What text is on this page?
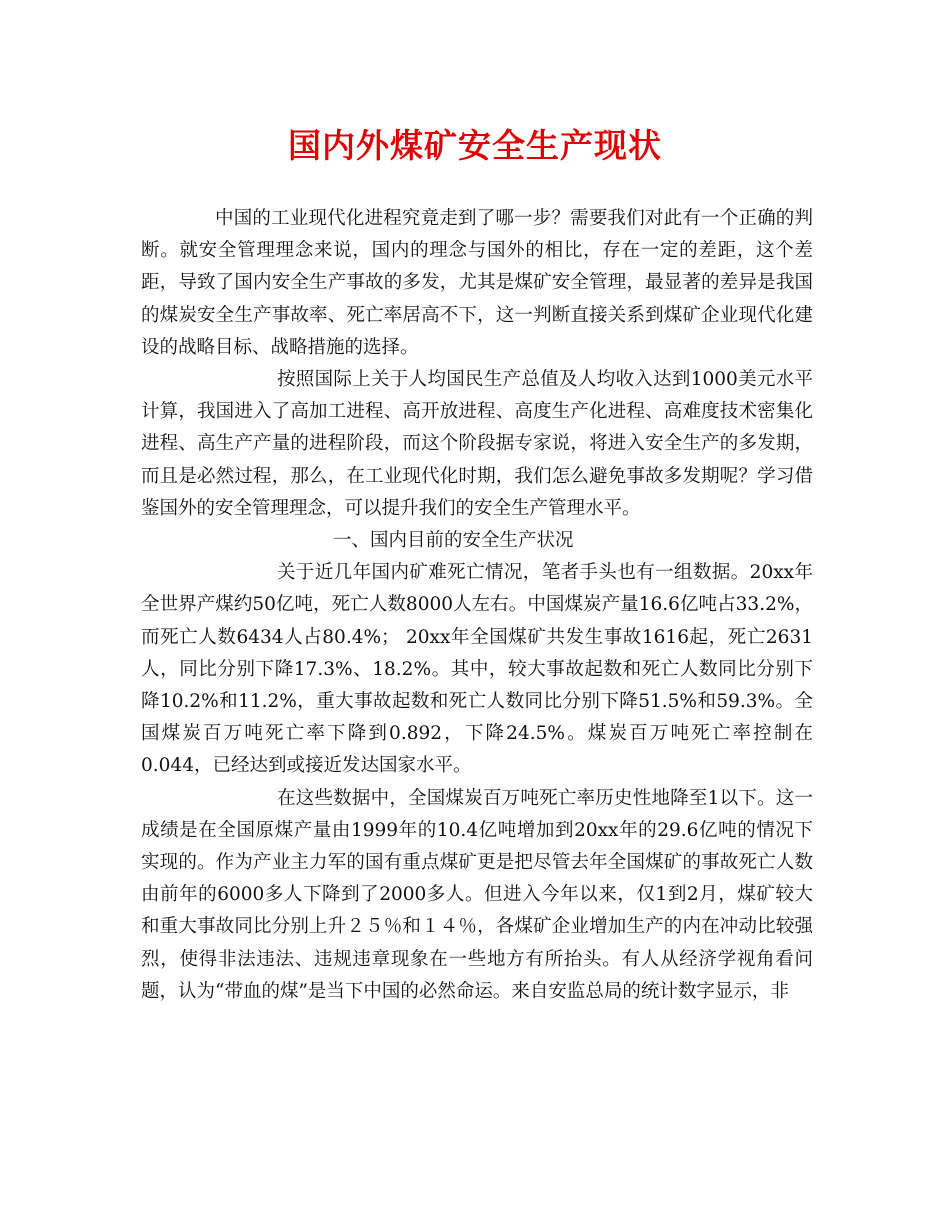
国内外煤矿安全生产现状

中国的工业现代化进程究竟走到了哪一步？需要我们对此有一个正确的判断。就安全管理理念来说，国内的理念与国外的相比，存在一定的差距，这个差距，导致了国内安全生产事故的多发，尤其是煤矿安全管理，最显著的差异是我国的煤炭安全生产事故率、死亡率居高不下，这一判断直接关系到煤矿企业现代化建设的战略目标、战略措施的选择。

按照国际上关于人均国民生产总值及人均收入达到1000美元水平计算，我国进入了高加工进程、高开放进程、高度生产化进程、高难度技术密集化进程、高生产产量的进程阶段，而这个阶段据专家说，将进入安全生产的多发期，而且是必然过程，那么，在工业现代化时期，我们怎么避免事故多发期呢？学习借鉴国外的安全管理理念，可以提升我们的安全生产管理水平。

一、国内目前的安全生产状况

关于近几年国内矿难死亡情况，笔者手头也有一组数据。20xx年全世界产煤约50亿吨，死亡人数8000人左右。中国煤炭产量16.6亿吨占33.2%，而死亡人数6434人占80.4%； 20xx年全国煤矿共发生事故1616起，死亡2631人，同比分别下降17.3%、18.2%。其中，较大事故起数和死亡人数同比分别下降10.2%和11.2%，重大事故起数和死亡人数同比分别下降51.5%和59.3%。全国煤炭百万吨死亡率下降到0.892，下降24.5%。煤炭百万吨死亡率控制在0.044，已经达到或接近发达国家水平。

在这些数据中，全国煤炭百万吨死亡率历史性地降至1以下。这一成绩是在全国原煤产量由1999年的10.4亿吨增加到20xx年的29.6亿吨的情况下实现的。作为产业主力军的国有重点煤矿更是把尽管去年全国煤矿的事故死亡人数由前年的6000多人下降到了2000多人。但进入今年以来，仅1到2月，煤矿较大和重大事故同比分别上升２５％和１４％，各煤矿企业增加生产的内在冲动比较强烈，使得非法违法、违规违章现象在一些地方有所抬头。有人从经济学视角看问题，认为“带血的煤”是当下中国的必然命运。来自安监总局的统计数字显示，非
